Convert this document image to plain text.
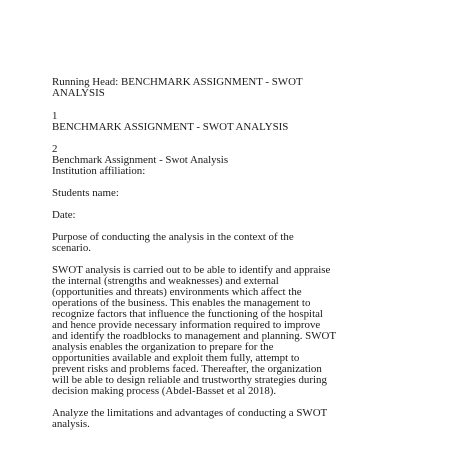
Running Head: BENCHMARK ASSIGNMENT - SWOT
ANALYSIS
1
BENCHMARK ASSIGNMENT - SWOT ANALYSIS
2
Benchmark Assignment - Swot Analysis
Institution affiliation:
Students name:
Date:
Purpose of conducting the analysis in the context of the
scenario.
SWOT analysis is carried out to be able to identify and appraise
the internal (strengths and weaknesses) and external
(opportunities and threats) environments which affect the
operations of the business. This enables the management to
recognize factors that influence the functioning of the hospital
and hence provide necessary information required to improve
and identify the roadblocks to management and planning. SWOT
analysis enables the organization to prepare for the
opportunities available and exploit them fully, attempt to
prevent risks and problems faced. Thereafter, the organization
will be able to design reliable and trustworthy strategies during
decision making process (Abdel-Basset et al 2018).
Analyze the limitations and advantages of conducting a SWOT
analysis.
